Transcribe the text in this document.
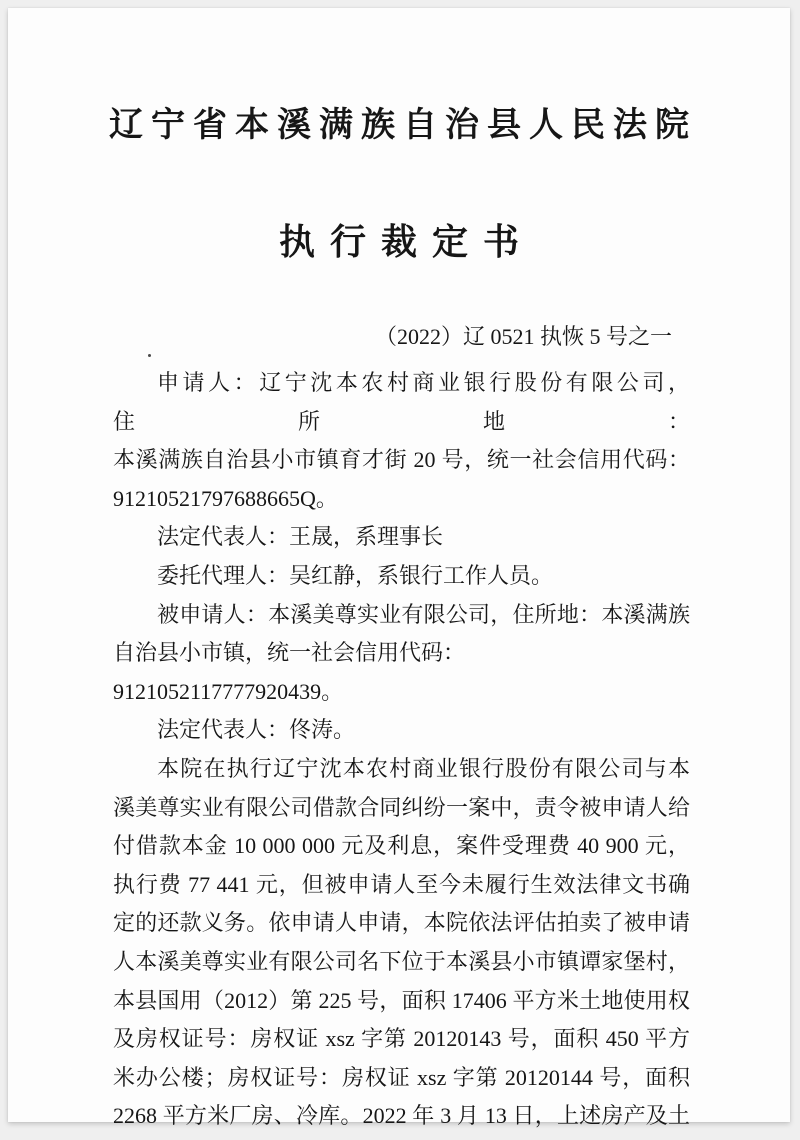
辽宁省本溪满族自治县人民法院
执行裁定书
（2022）辽 0521 执恢 5 号之一
申请人：辽宁沈本农村商业银行股份有限公司，住所地：
本溪满族自治县小市镇育才街 20 号，统一社会信用代码：
91210521797688665Q。
法定代表人：王晟，系理事长
委托代理人：吴红静，系银行工作人员。
被申请人：本溪美尊实业有限公司，住所地：本溪满族
自治县小市镇，统一社会信用代码：9121052117777920439。
法定代表人：佟涛。
本院在执行辽宁沈本农村商业银行股份有限公司与本
溪美尊实业有限公司借款合同纠纷一案中，责令被申请人给
付借款本金 10 000 000 元及利息，案件受理费 40 900 元，
执行费 77 441 元，但被申请人至今未履行生效法律文书确
定的还款义务。依申请人申请，本院依法评估拍卖了被申请
人本溪美尊实业有限公司名下位于本溪县小市镇谭家堡村，
本县国用（2012）第 225 号，面积 17406 平方米土地使用权
及房权证号：房权证 xsz 字第 20120143 号，面积 450 平方
米办公楼；房权证号：房权证 xsz 字第 20120144 号，面积
2268 平方米厂房、冷库。2022 年 3 月 13 日，上述房产及土
